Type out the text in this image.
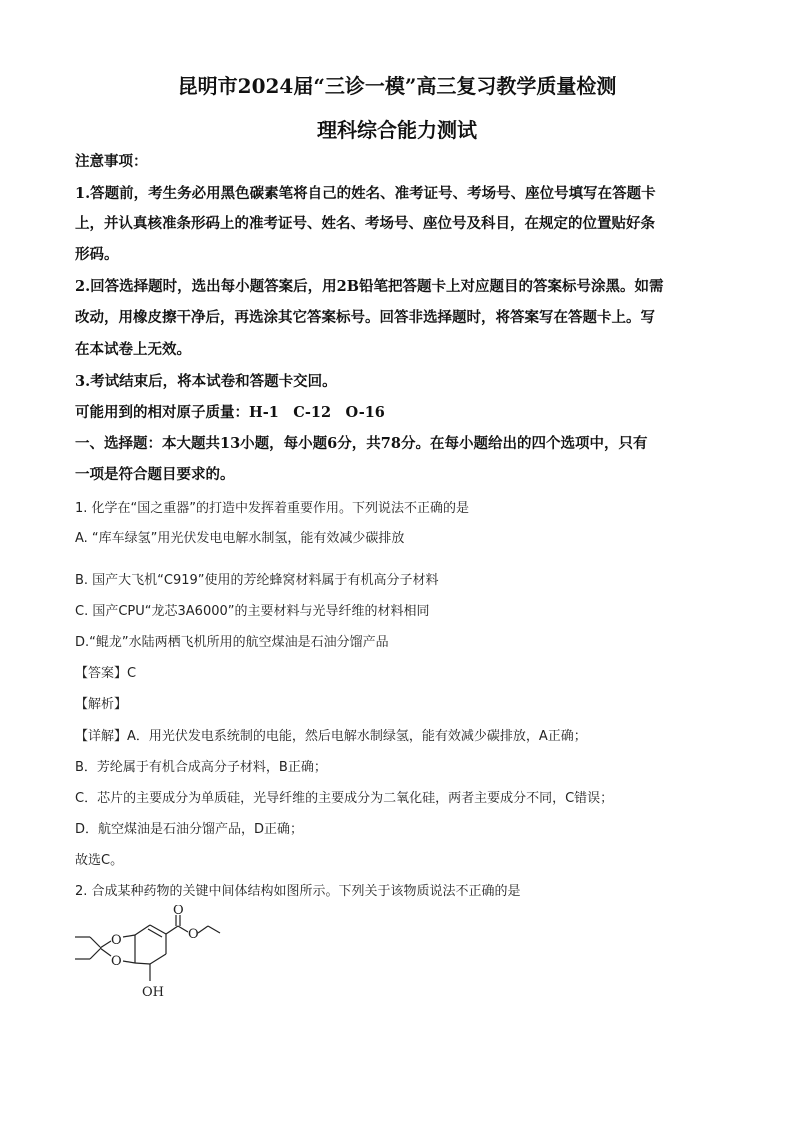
昆明市2024届“三诊一模”高三复习教学质量检测
理科综合能力测试
注意事项：
1.答题前，考生务必用黑色碳素笔将自己的姓名、准考证号、考场号、座位号填写在答题卡
上，并认真核准条形码上的准考证号、姓名、考场号、座位号及科目，在规定的位置贴好条
形码。
2.回答选择题时，选出每小题答案后，用2B铅笔把答题卡上对应题目的答案标号涂黑。如需
改动，用橡皮擦干净后，再选涂其它答案标号。回答非选择题时，将答案写在答题卡上。写
在本试卷上无效。
3.考试结束后，将本试卷和答题卡交回。
可能用到的相对原子质量：H-1　C-12　O-16
一、选择题：本大题共13小题，每小题6分，共78分。在每小题给出的四个选项中，只有
一项是符合题目要求的。
1. 化学在“国之重器”的打造中发挥着重要作用。下列说法不正确的是
A. “库车绿氢”用光伏发电电解水制氢，能有效减少碳排放
B. 国产大飞机“C919”使用的芳纶蜂窝材料属于有机高分子材料
C. 国产CPU“龙芯3A6000”的主要材料与光导纤维的材料相同
D.“鲲龙”水陆两栖飞机所用的航空煤油是石油分馏产品
【答案】C
【解析】
【详解】A．用光伏发电系统制的电能，然后电解水制绿氢，能有效减少碳排放，A正确；
B．芳纶属于有机合成高分子材料，B正确；
C．芯片的主要成分为单质硅，光导纤维的主要成分为二氧化硅，两者主要成分不同，C错误；
D．航空煤油是石油分馏产品，D正确；
故选C。
2. 合成某种药物的关键中间体结构如图所示。下列关于该物质说法不正确的是
O
O
O
O
OH
